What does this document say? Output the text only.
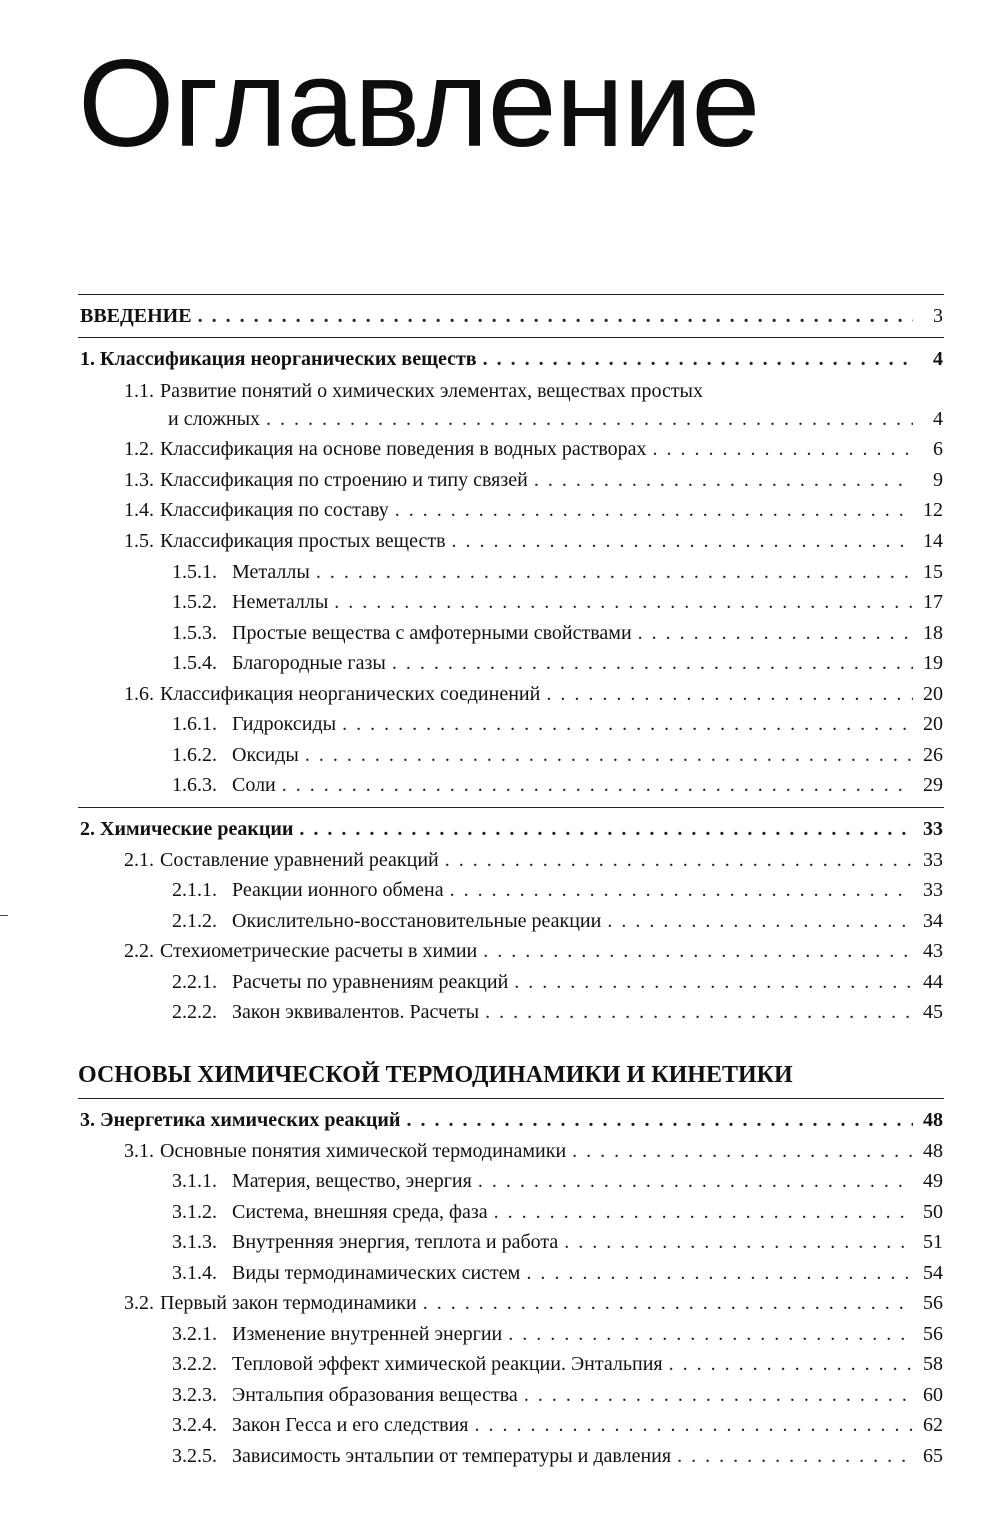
Оглавление
ВВЕДЕНИЕ . . .	3
1. Классификация неорганических веществ . . .	4
1.1. Развитие понятий о химических элементах, веществах простых
и сложных . . .	4
1.2. Классификация на основе поведения в водных растворах . . .	6
1.3. Классификация по строению и типу связей . . .	9
1.4. Классификация по составу . . .	12
1.5. Классификация простых веществ . . .	14
1.5.1. Металлы . . .	15
1.5.2. Неметаллы . . .	17
1.5.3. Простые вещества с амфотерными свойствами . . .	18
1.5.4. Благородные газы . . .	19
1.6. Классификация неорганических соединений . . .	20
1.6.1. Гидроксиды . . .	20
1.6.2. Оксиды . . .	26
1.6.3. Соли . . .	29
2. Химические реакции . . .	33
2.1. Составление уравнений реакций . . .	33
2.1.1. Реакции ионного обмена . . .	33
2.1.2. Окислительно-восстановительные реакции . . .	34
2.2. Стехиометрические расчеты в химии . . .	43
2.2.1. Расчеты по уравнениям реакций . . .	44
2.2.2. Закон эквивалентов. Расчеты . . .	45
ОСНОВЫ ХИМИЧЕСКОЙ ТЕРМОДИНАМИКИ И КИНЕТИКИ
3. Энергетика химических реакций . . .	48
3.1. Основные понятия химической термодинамики . . .	48
3.1.1. Материя, вещество, энергия . . .	49
3.1.2. Система, внешняя среда, фаза . . .	50
3.1.3. Внутренняя энергия, теплота и работа . . .	51
3.1.4. Виды термодинамических систем . . .	54
3.2. Первый закон термодинамики . . .	56
3.2.1. Изменение внутренней энергии . . .	56
3.2.2. Тепловой эффект химической реакции. Энтальпия . . .	58
3.2.3. Энтальпия образования вещества . . .	60
3.2.4. Закон Гесса и его следствия . . .	62
3.2.5. Зависимость энтальпии от температуры и давления . . .	65
